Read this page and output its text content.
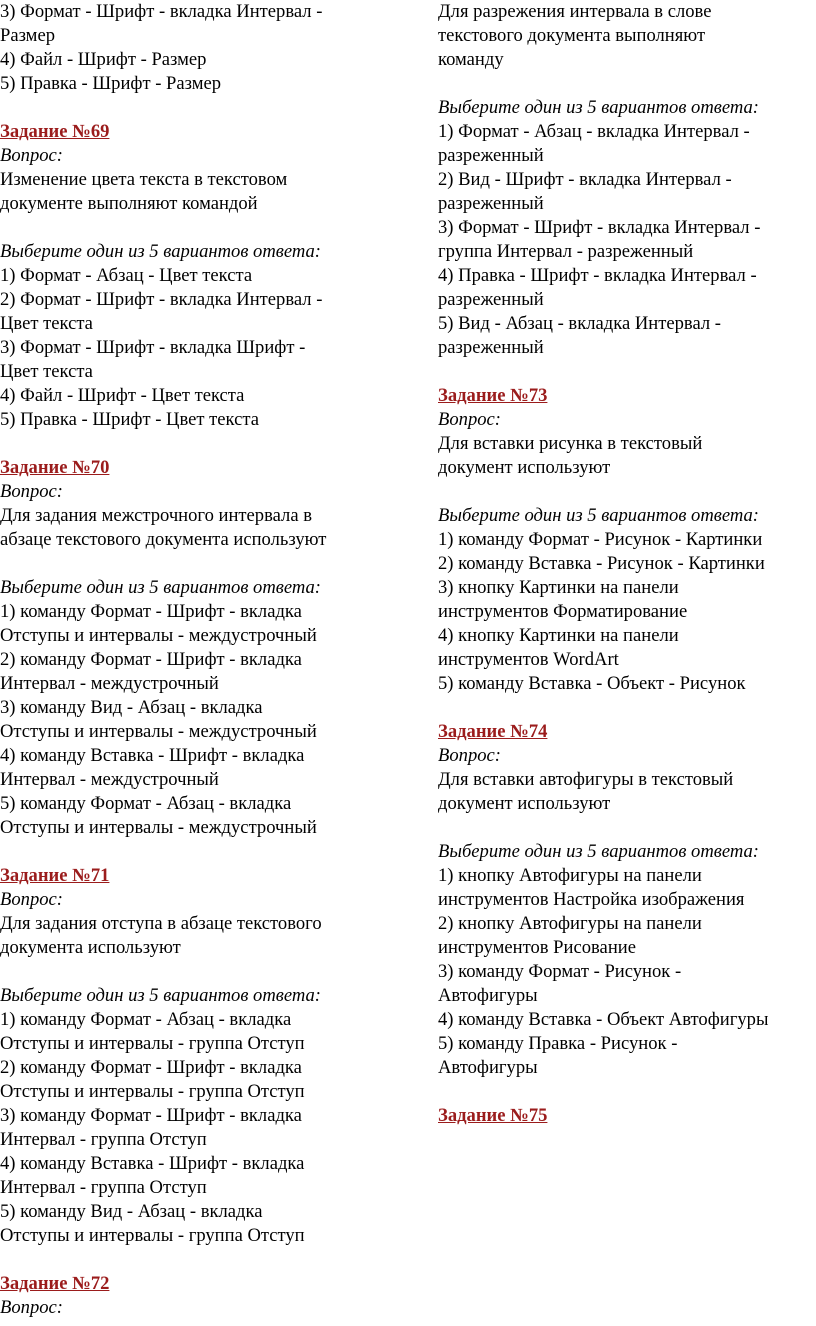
3) Формат - Шрифт - вкладка Интервал -
Размер
4) Файл - Шрифт - Размер
5) Правка - Шрифт - Размер
Задание №69
Вопрос:
Изменение цвета текста в текстовом
документе выполняют командой
Выберите один из 5 вариантов ответа:
1) Формат - Абзац - Цвет текста
2) Формат - Шрифт - вкладка Интервал -
Цвет текста
3) Формат - Шрифт - вкладка Шрифт -
Цвет текста
4) Файл - Шрифт - Цвет текста
5) Правка - Шрифт - Цвет текста
Задание №70
Вопрос:
Для задания межстрочного интервала в
абзаце текстового документа используют
Выберите один из 5 вариантов ответа:
1) команду Формат - Шрифт - вкладка
Отступы и интервалы - междустрочный
2) команду Формат - Шрифт - вкладка
Интервал - междустрочный
3) команду Вид - Абзац - вкладка
Отступы и интервалы - междустрочный
4) команду Вставка - Шрифт - вкладка
Интервал - междустрочный
5) команду Формат - Абзац - вкладка
Отступы и интервалы - междустрочный
Задание №71
Вопрос:
Для задания отступа в абзаце текстового
документа используют
Выберите один из 5 вариантов ответа:
1) команду Формат - Абзац - вкладка
Отступы и интервалы - группа Отступ
2) команду Формат - Шрифт - вкладка
Отступы и интервалы - группа Отступ
3) команду Формат - Шрифт - вкладка
Интервал - группа Отступ
4) команду Вставка - Шрифт - вкладка
Интервал - группа Отступ
5) команду Вид - Абзац - вкладка
Отступы и интервалы - группа Отступ
Задание №72
Вопрос:
Для разрежения интервала в слове
текстового документа выполняют
команду
Выберите один из 5 вариантов ответа:
1) Формат - Абзац - вкладка Интервал -
разреженный
2) Вид - Шрифт - вкладка Интервал -
разреженный
3) Формат - Шрифт - вкладка Интервал -
группа Интервал - разреженный
4) Правка - Шрифт - вкладка Интервал -
разреженный
5) Вид - Абзац - вкладка Интервал -
разреженный
Задание №73
Вопрос:
Для вставки рисунка в текстовый
документ используют
Выберите один из 5 вариантов ответа:
1) команду Формат - Рисунок - Картинки
2) команду Вставка - Рисунок - Картинки
3) кнопку Картинки на панели
инструментов Форматирование
4) кнопку Картинки на панели
инструментов WordArt
5) команду Вставка - Объект - Рисунок
Задание №74
Вопрос:
Для вставки автофигуры в текстовый
документ используют
Выберите один из 5 вариантов ответа:
1) кнопку Автофигуры на панели
инструментов Настройка изображения
2) кнопку Автофигуры на панели
инструментов Рисование
3) команду Формат - Рисунок -
Автофигуры
4) команду Вставка - Объект Автофигуры
5) команду Правка - Рисунок -
Автофигуры
Задание №75
